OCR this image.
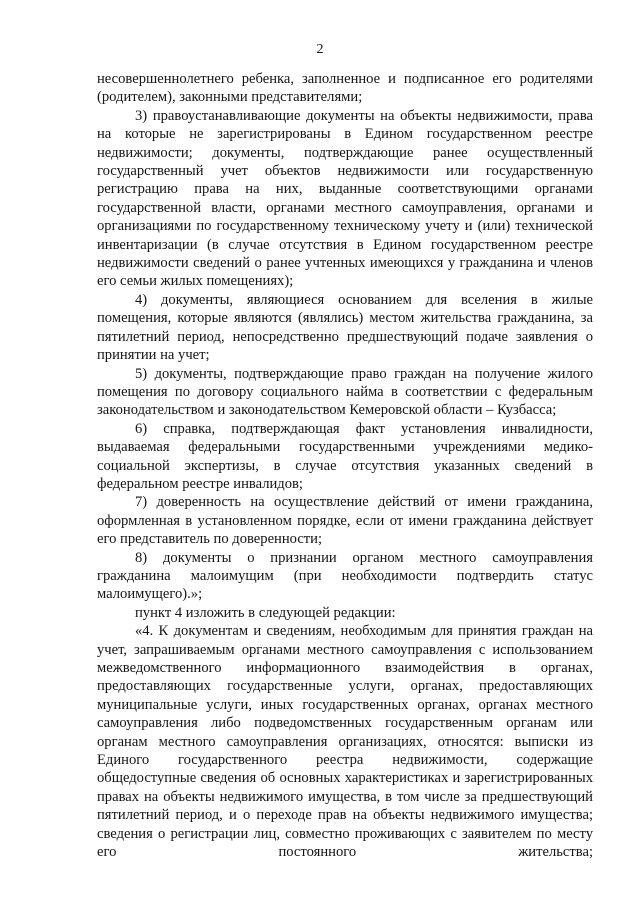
2

несовершеннолетнего ребенка, заполненное и подписанное его родителями (родителем), законными представителями;

3) правоустанавливающие документы на объекты недвижимости, права на которые не зарегистрированы в Едином государственном реестре недвижимости; документы, подтверждающие ранее осуществленный государственный учет объектов недвижимости или государственную регистрацию права на них, выданные соответствующими органами государственной власти, органами местного самоуправления, органами и организациями по государственному техническому учету и (или) технической инвентаризации (в случае отсутствия в Едином государственном реестре недвижимости сведений о ранее учтенных имеющихся у гражданина и членов его семьи жилых помещениях);

4) документы, являющиеся основанием для вселения в жилые помещения, которые являются (являлись) местом жительства гражданина, за пятилетний период, непосредственно предшествующий подаче заявления о принятии на учет;

5) документы, подтверждающие право граждан на получение жилого помещения по договору социального найма в соответствии с федеральным законодательством и законодательством Кемеровской области – Кузбасса;

6) справка, подтверждающая факт установления инвалидности, выдаваемая федеральными государственными учреждениями медико-социальной экспертизы, в случае отсутствия указанных сведений в федеральном реестре инвалидов;

7) доверенность на осуществление действий от имени гражданина, оформленная в установленном порядке, если от имени гражданина действует его представитель по доверенности;

8) документы о признании органом местного самоуправления гражданина малоимущим (при необходимости подтвердить статус малоимущего).»;

пункт 4 изложить в следующей редакции:

«4. К документам и сведениям, необходимым для принятия граждан на учет, запрашиваемым органами местного самоуправления с использованием межведомственного информационного взаимодействия в органах, предоставляющих государственные услуги, органах, предоставляющих муниципальные услуги, иных государственных органах, органах местного самоуправления либо подведомственных государственным органам или органам местного самоуправления организациях, относятся: выписки из Единого государственного реестра недвижимости, содержащие общедоступные сведения об основных характеристиках и зарегистрированных правах на объекты недвижимого имущества, в том числе за предшествующий пятилетний период, и о переходе прав на объекты недвижимого имущества; сведения о регистрации лиц, совместно проживающих с заявителем по месту его постоянного жительства;
